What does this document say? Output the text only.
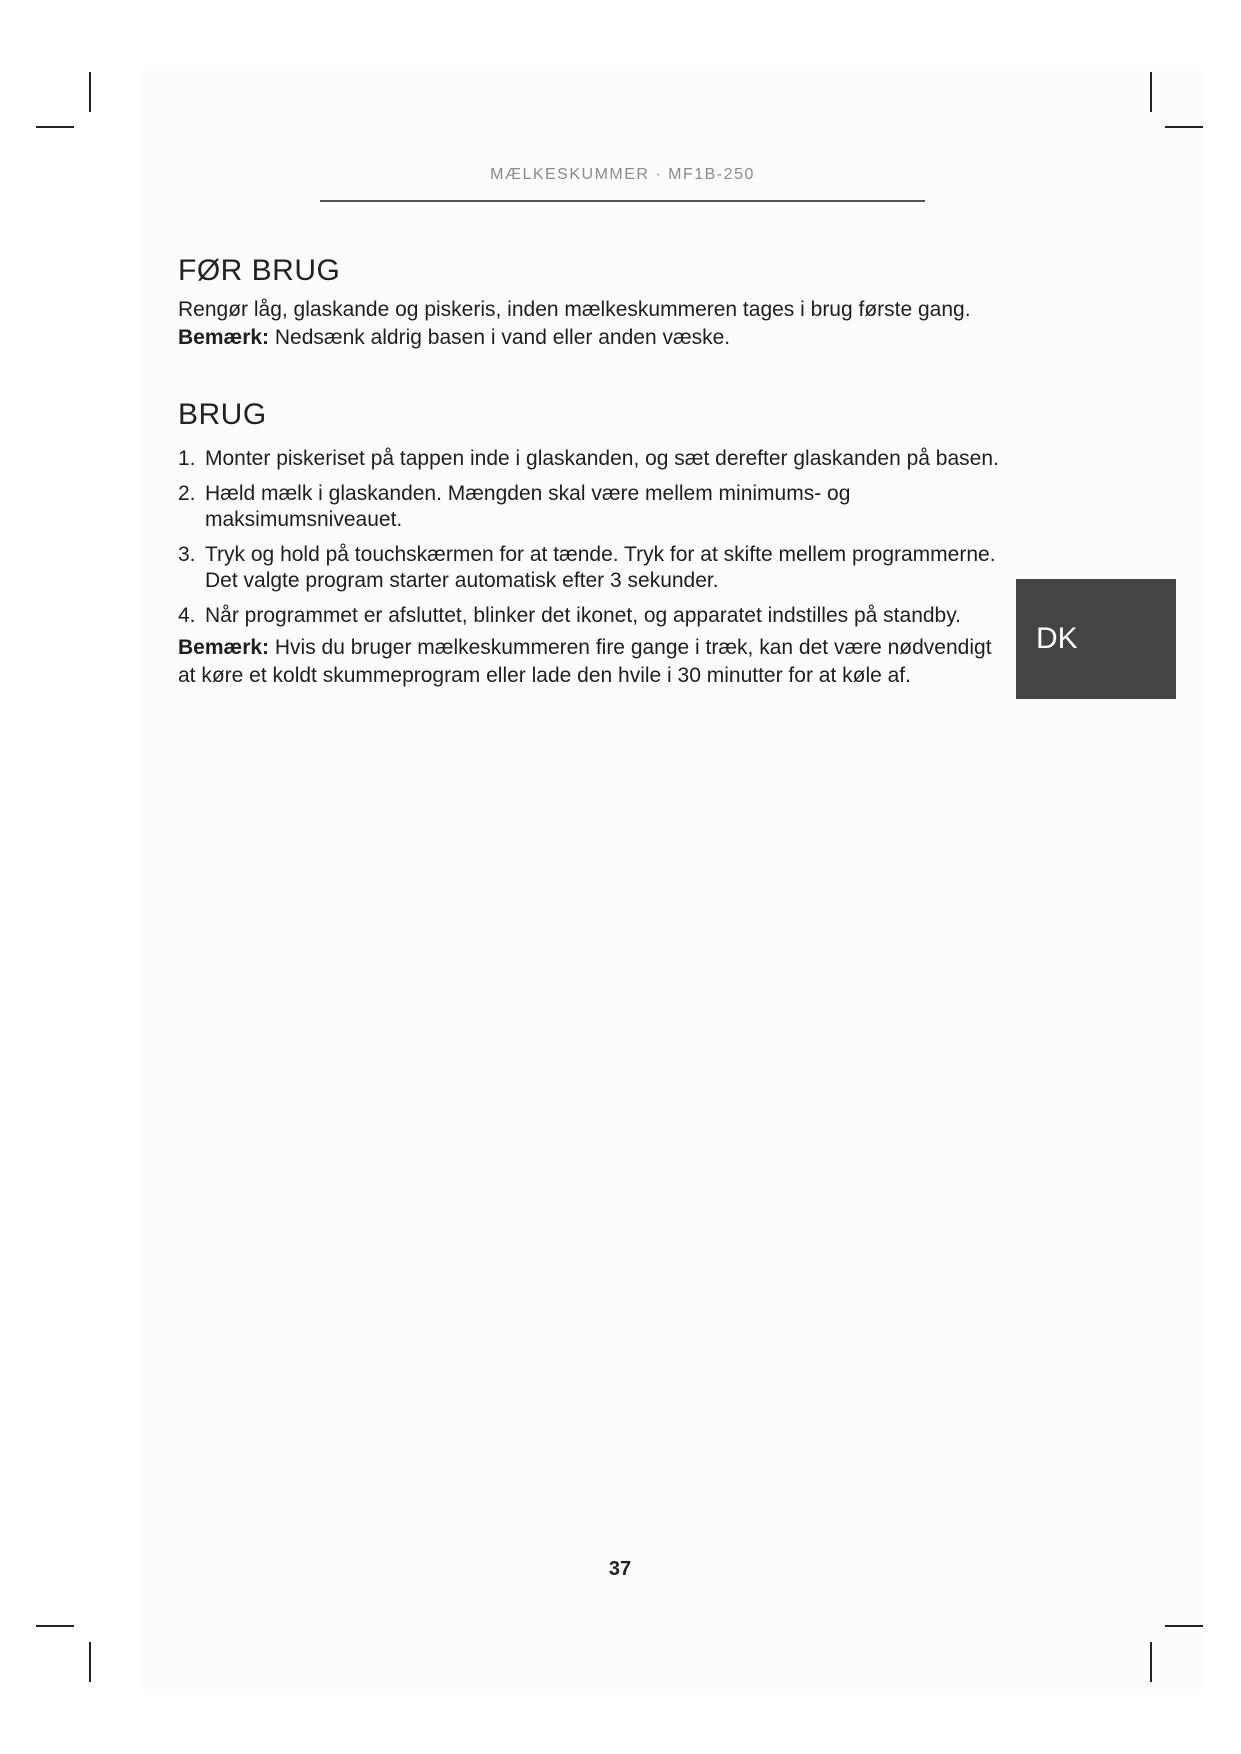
MÆLKESKUMMER · MF1B-250
FØR BRUG

Rengør låg, glaskande og piskeris, inden mælkeskummeren tages i brug første gang.

Bemærk: Nedsænk aldrig basen i vand eller anden væske.

BRUG
1. Monter piskeriset på tappen inde i glaskanden, og sæt derefter glaskanden på basen.
2. Hæld mælk i glaskanden. Mængden skal være mellem minimums- og maksimumsniveauet.
3. Tryk og hold på touchskærmen for at tænde. Tryk for at skifte mellem programmerne. Det valgte program starter automatisk efter 3 sekunder.
4. Når programmet er afsluttet, blinker det ikonet, og apparatet indstilles på standby.

Bemærk: Hvis du bruger mælkeskummeren fire gange i træk, kan det være nødvendigt at køre et koldt skummeprogram eller lade den hvile i 30 minutter for at køle af.

DK
37
